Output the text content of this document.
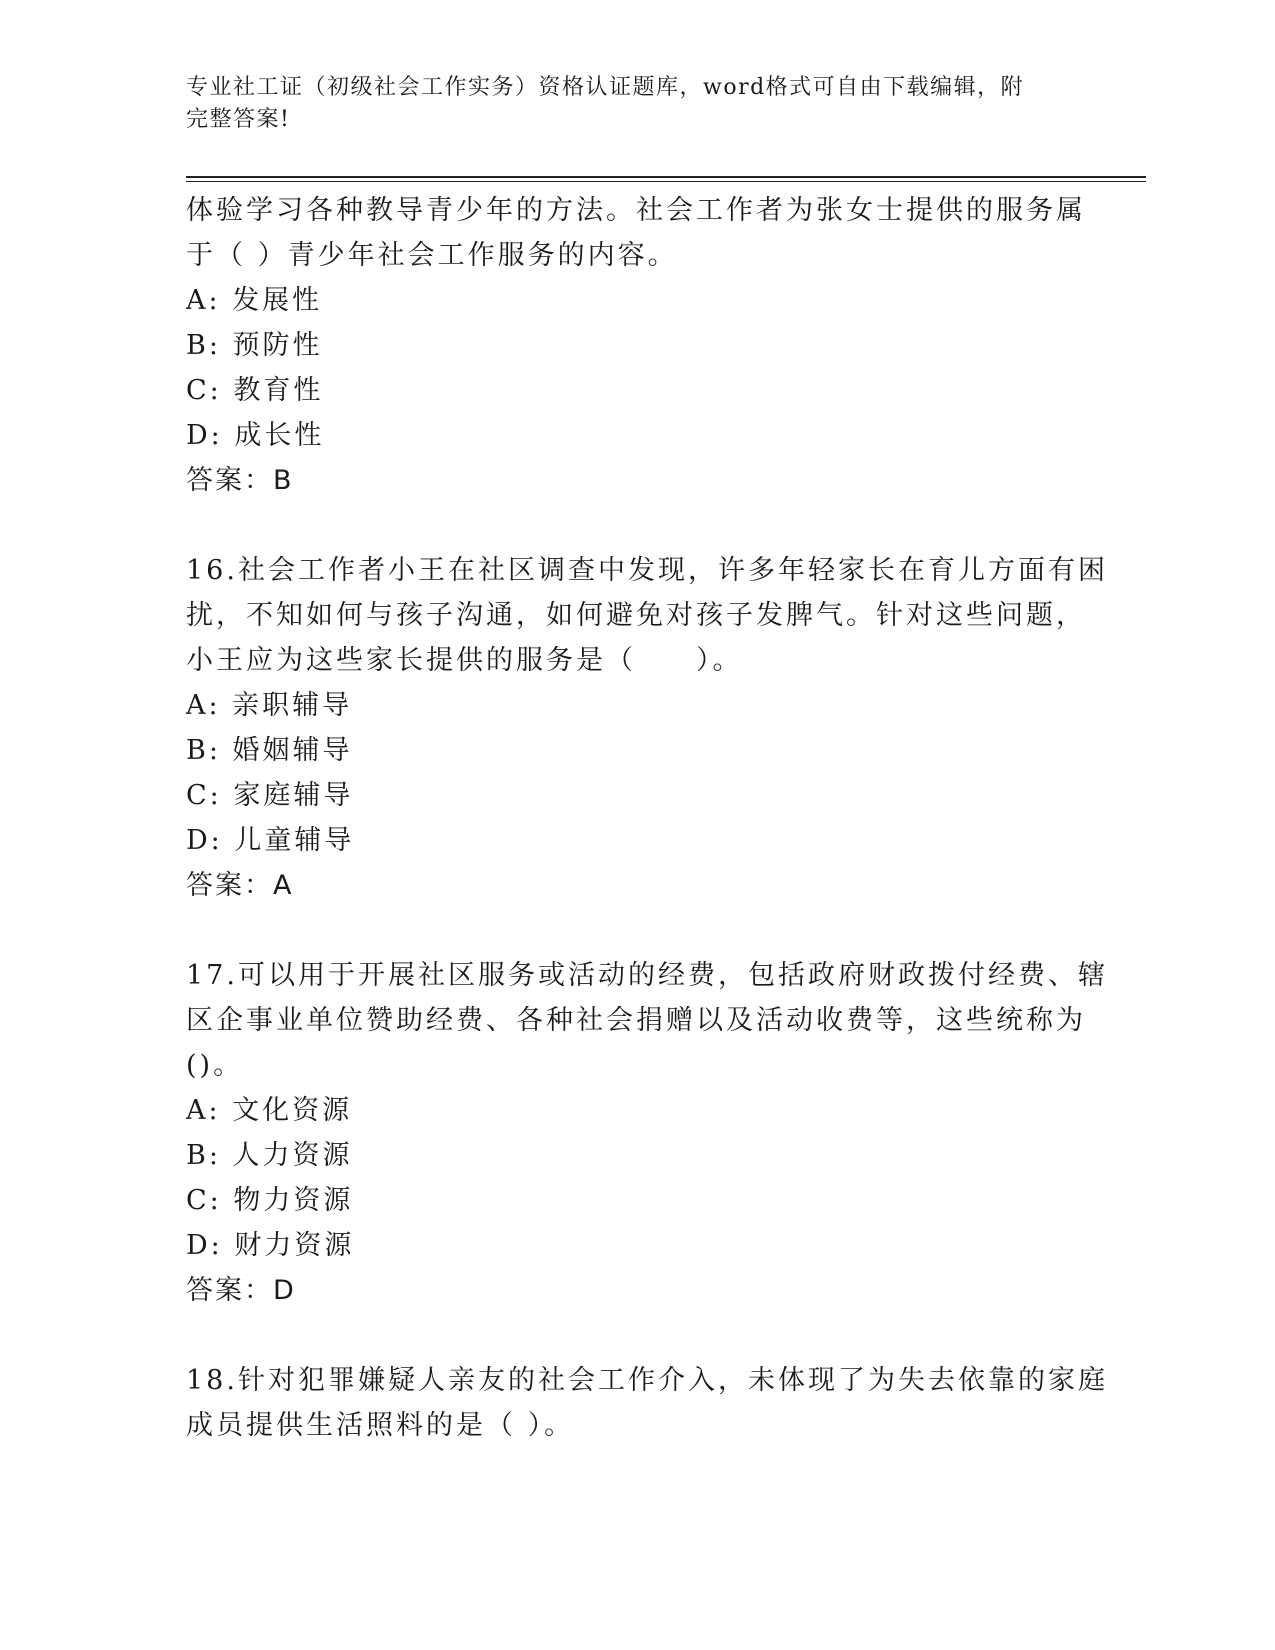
专业社工证（初级社会工作实务）资格认证题库，word格式可自由下载编辑，附
完整答案!
体验学习各种教导青少年的方法。社会工作者为张女士提供的服务属
于（ ）青少年社会工作服务的内容。
A: 发展性
B: 预防性
C: 教育性
D: 成长性
答案：B
16.社会工作者小王在社区调查中发现，许多年轻家长在育儿方面有困
扰，不知如何与孩子沟通，如何避免对孩子发脾气。针对这些问题，
小王应为这些家长提供的服务是（　　）。
A: 亲职辅导
B: 婚姻辅导
C: 家庭辅导
D: 儿童辅导
答案：A
17.可以用于开展社区服务或活动的经费，包括政府财政拨付经费、辖
区企事业单位赞助经费、各种社会捐赠以及活动收费等，这些统称为
()。
A: 文化资源
B: 人力资源
C: 物力资源
D: 财力资源
答案：D
18.针对犯罪嫌疑人亲友的社会工作介入，未体现了为失去依靠的家庭
成员提供生活照料的是（ ）。
